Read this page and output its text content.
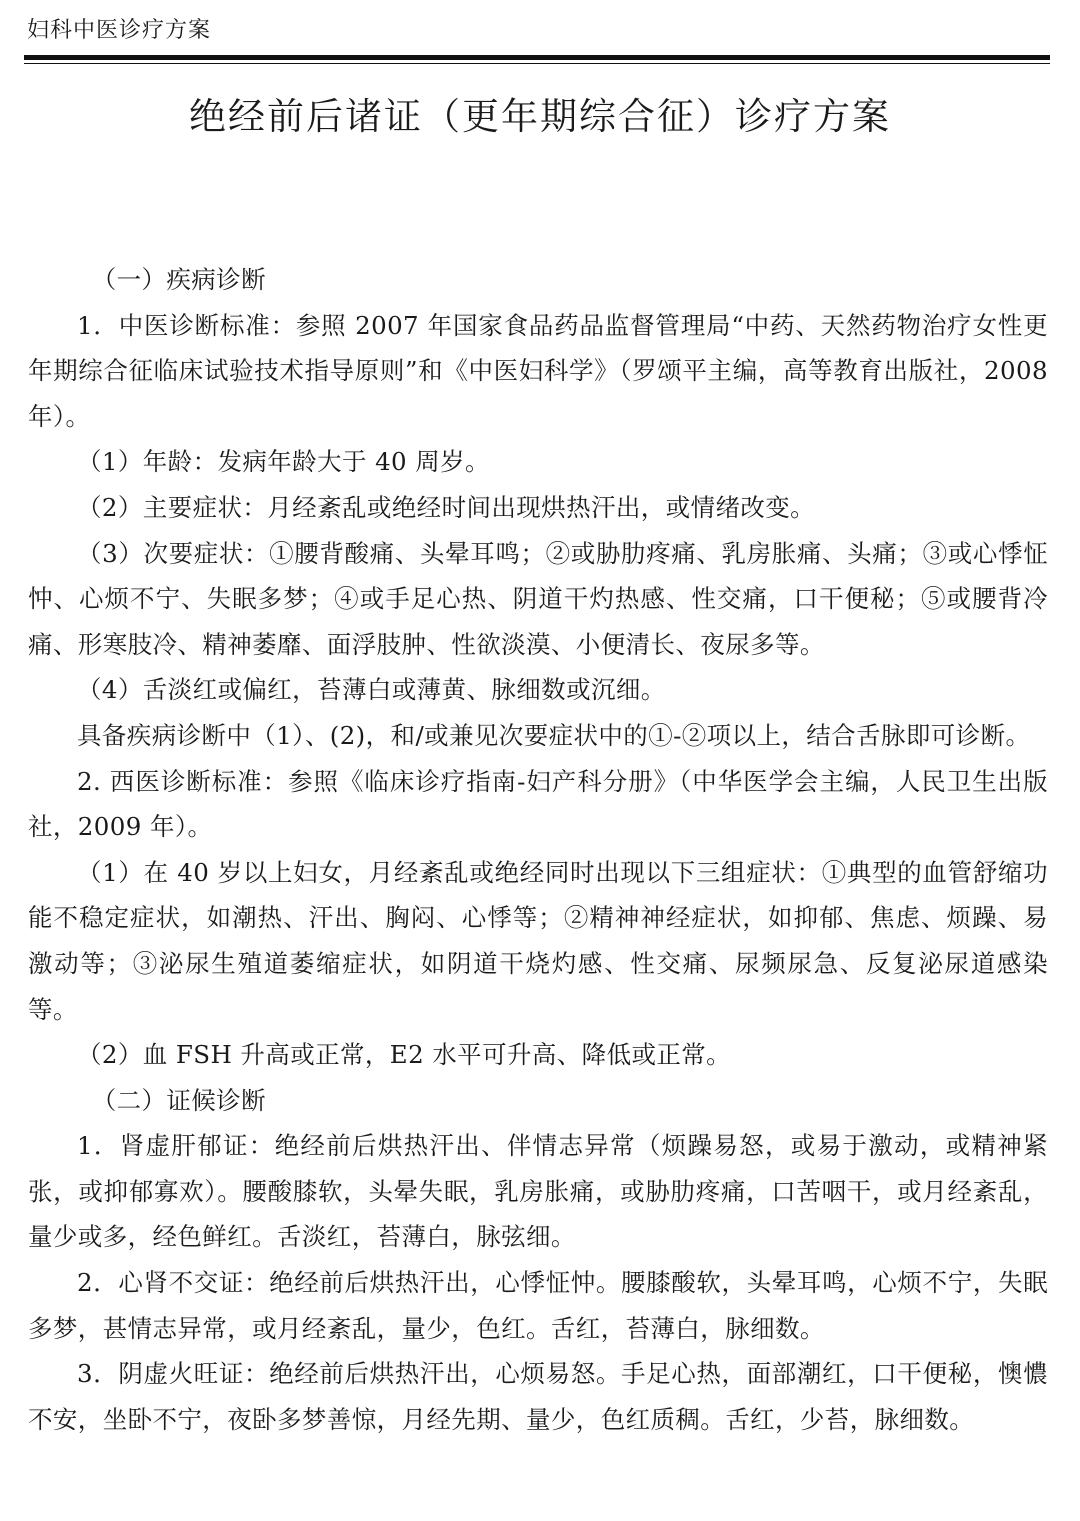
妇科中医诊疗方案
绝经前后诸证（更年期综合征）诊疗方案

（一）疾病诊断

1．中医诊断标准：参照 2007 年国家食品药品监督管理局“中药、天然药物治疗女性更年期综合征临床试验技术指导原则”和《中医妇科学》（罗颂平主编，高等教育出版社，2008 年）。

（1）年龄：发病年龄大于 40 周岁。

（2）主要症状：月经紊乱或绝经时间出现烘热汗出，或情绪改变。

（3）次要症状：①腰背酸痛、头晕耳鸣；②或胁肋疼痛、乳房胀痛、头痛；③或心悸怔忡、心烦不宁、失眠多梦；④或手足心热、阴道干灼热感、性交痛，口干便秘；⑤或腰背冷痛、形寒肢冷、精神萎靡、面浮肢肿、性欲淡漠、小便清长、夜尿多等。

（4）舌淡红或偏红，苔薄白或薄黄、脉细数或沉细。

具备疾病诊断中（1）、(2)，和/或兼见次要症状中的①-②项以上，结合舌脉即可诊断。

2. 西医诊断标准：参照《临床诊疗指南-妇产科分册》（中华医学会主编，人民卫生出版社，2009 年）。

（1）在 40 岁以上妇女，月经紊乱或绝经同时出现以下三组症状：①典型的血管舒缩功能不稳定症状，如潮热、汗出、胸闷、心悸等；②精神神经症状，如抑郁、焦虑、烦躁、易激动等；③泌尿生殖道萎缩症状，如阴道干烧灼感、性交痛、尿频尿急、反复泌尿道感染等。

（2）血 FSH 升高或正常，E2 水平可升高、降低或正常。

（二）证候诊断

1．肾虚肝郁证：绝经前后烘热汗出、伴情志异常（烦躁易怒，或易于激动，或精神紧张，或抑郁寡欢）。腰酸膝软，头晕失眠，乳房胀痛，或胁肋疼痛，口苦咽干，或月经紊乱，量少或多，经色鲜红。舌淡红，苔薄白，脉弦细。

2．心肾不交证：绝经前后烘热汗出，心悸怔忡。腰膝酸软，头晕耳鸣，心烦不宁，失眠多梦，甚情志异常，或月经紊乱，量少，色红。舌红，苔薄白，脉细数。

3．阴虚火旺证：绝经前后烘热汗出，心烦易怒。手足心热，面部潮红，口干便秘，懊憹不安，坐卧不宁，夜卧多梦善惊，月经先期、量少，色红质稠。舌红，少苔，脉细数。
